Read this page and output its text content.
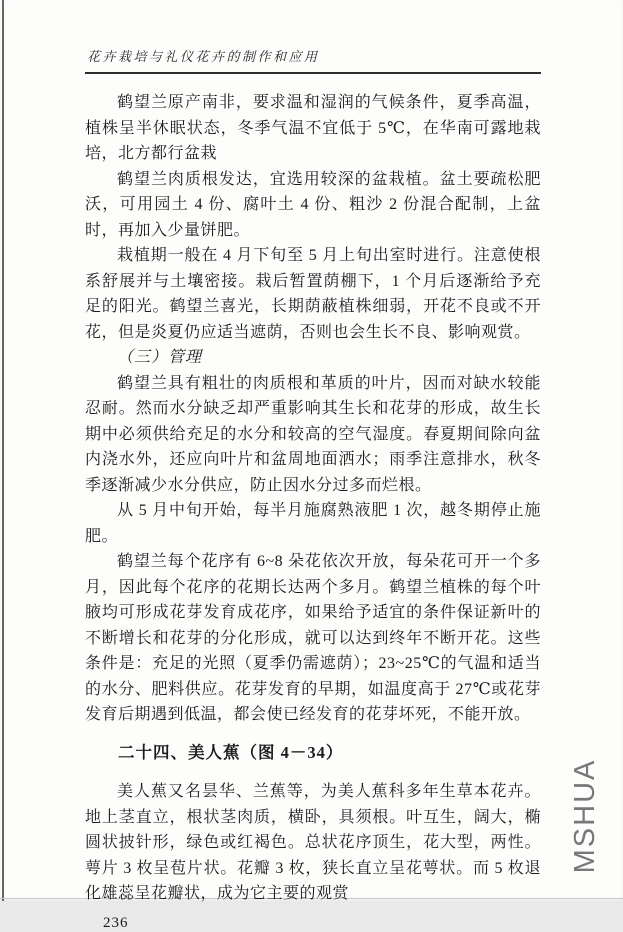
花卉栽培与礼仪花卉的制作和应用

鹤望兰原产南非，要求温和湿润的气候条件，夏季高温，植株呈半休眠状态，冬季气温不宜低于 5℃，在华南可露地栽培，北方都行盆栽

鹤望兰肉质根发达，宜选用较深的盆栽植。盆土要疏松肥沃，可用园土 4 份、腐叶土 4 份、粗沙 2 份混合配制，上盆时，再加入少量饼肥。

栽植期一般在 4 月下旬至 5 月上旬出室时进行。注意使根系舒展并与土壤密接。栽后暂置荫棚下，1 个月后逐渐给予充足的阳光。鹤望兰喜光，长期荫蔽植株细弱，开花不良或不开花，但是炎夏仍应适当遮荫，否则也会生长不良、影响观赏。

（三）管理

鹤望兰具有粗壮的肉质根和革质的叶片，因而对缺水较能忍耐。然而水分缺乏却严重影响其生长和花芽的形成，故生长期中必须供给充足的水分和较高的空气湿度。春夏期间除向盆内浇水外，还应向叶片和盆周地面洒水；雨季注意排水，秋冬季逐渐减少水分供应，防止因水分过多而烂根。

从 5 月中旬开始，每半月施腐熟液肥 1 次，越冬期停止施肥。

鹤望兰每个花序有 6~8 朵花依次开放，每朵花可开一个多月，因此每个花序的花期长达两个多月。鹤望兰植株的每个叶腋均可形成花芽发育成花序，如果给予适宜的条件保证新叶的不断增长和花芽的分化形成，就可以达到终年不断开花。这些条件是：充足的光照（夏季仍需遮荫）；23~25℃的气温和适当的水分、肥料供应。花芽发育的早期，如温度高于 27℃或花芽发育后期遇到低温，都会使已经发育的花芽坏死，不能开放。

二十四、美人蕉（图 4－34）

美人蕉又名昙华、兰蕉等，为美人蕉科多年生草本花卉。地上茎直立，根状茎肉质，横卧，具须根。叶互生，阔大，椭圆状披针形，绿色或红褐色。总状花序顶生，花大型，两性。萼片 3 枚呈苞片状。花瓣 3 枚，狭长直立呈花萼状。而 5 枚退化雄蕊呈花瓣状，成为它主要的观赏

236
MSHUA
